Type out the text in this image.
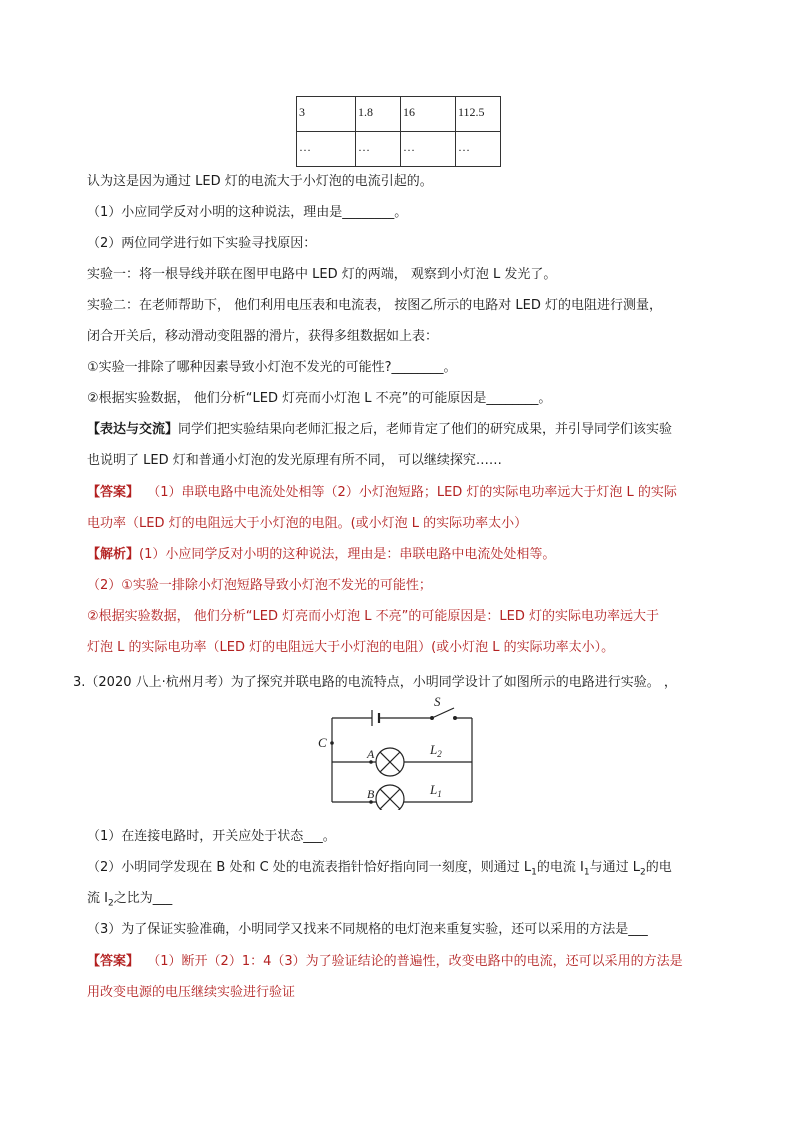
3	1.8	16	112.5
…	…	…	…
认为这是因为通过 LED 灯的电流大于小灯泡的电流引起的。
（1）小应同学反对小明的这种说法，理由是________。
（2）两位同学进行如下实验寻找原因：
实验一：将一根导线并联在图甲电路中 LED 灯的两端， 观察到小灯泡 L 发光了。
实验二：在老师帮助下， 他们利用电压表和电流表， 按图乙所示的电路对 LED 灯的电阻进行测量，
闭合开关后，移动滑动变阻器的滑片，获得多组数据如上表：
①实验一排除了哪种因素导致小灯泡不发光的可能性?________。
②根据实验数据， 他们分析“LED 灯亮而小灯泡 L 不亮”的可能原因是________。
【表达与交流】同学们把实验结果向老师汇报之后，老师肯定了他们的研究成果，并引导同学们该实验
也说明了 LED 灯和普通小灯泡的发光原理有所不同， 可以继续探究……
【答案】 （1）串联电路中电流处处相等（2）小灯泡短路；LED 灯的实际电功率远大于灯泡 L 的实际
电功率（LED 灯的电阻远大于小灯泡的电阻。(或小灯泡 L 的实际功率太小）
【解析】(1）小应同学反对小明的这种说法，理由是：串联电路中电流处处相等。
（2）①实验一排除小灯泡短路导致小灯泡不发光的可能性；
②根据实验数据， 他们分析“LED 灯亮而小灯泡 L 不亮”的可能原因是：LED 灯的实际电功率远大于
灯泡 L 的实际电功率（LED 灯的电阻远大于小灯泡的电阻）(或小灯泡 L 的实际功率太小）。
3.（2020 八上·杭州月考）为了探究并联电路的电流特点，小明同学设计了如图所示的电路进行实验。 ，
S
C
A
B
$L_2$
$L_1$
（1）在连接电路时，开关应处于状态___。
（2）小明同学发现在 B 处和 C 处的电流表指针恰好指向同一刻度，则通过 $L_1$的电流 $I_1$与通过 $L_2$的电
流 $I_2$之比为___
（3）为了保证实验准确，小明同学又找来不同规格的电灯泡来重复实验，还可以采用的方法是___
【答案】 （1）断开（2）1：4（3）为了验证结论的普遍性，改变电路中的电流，还可以采用的方法是
用改变电源的电压继续实验进行验证
